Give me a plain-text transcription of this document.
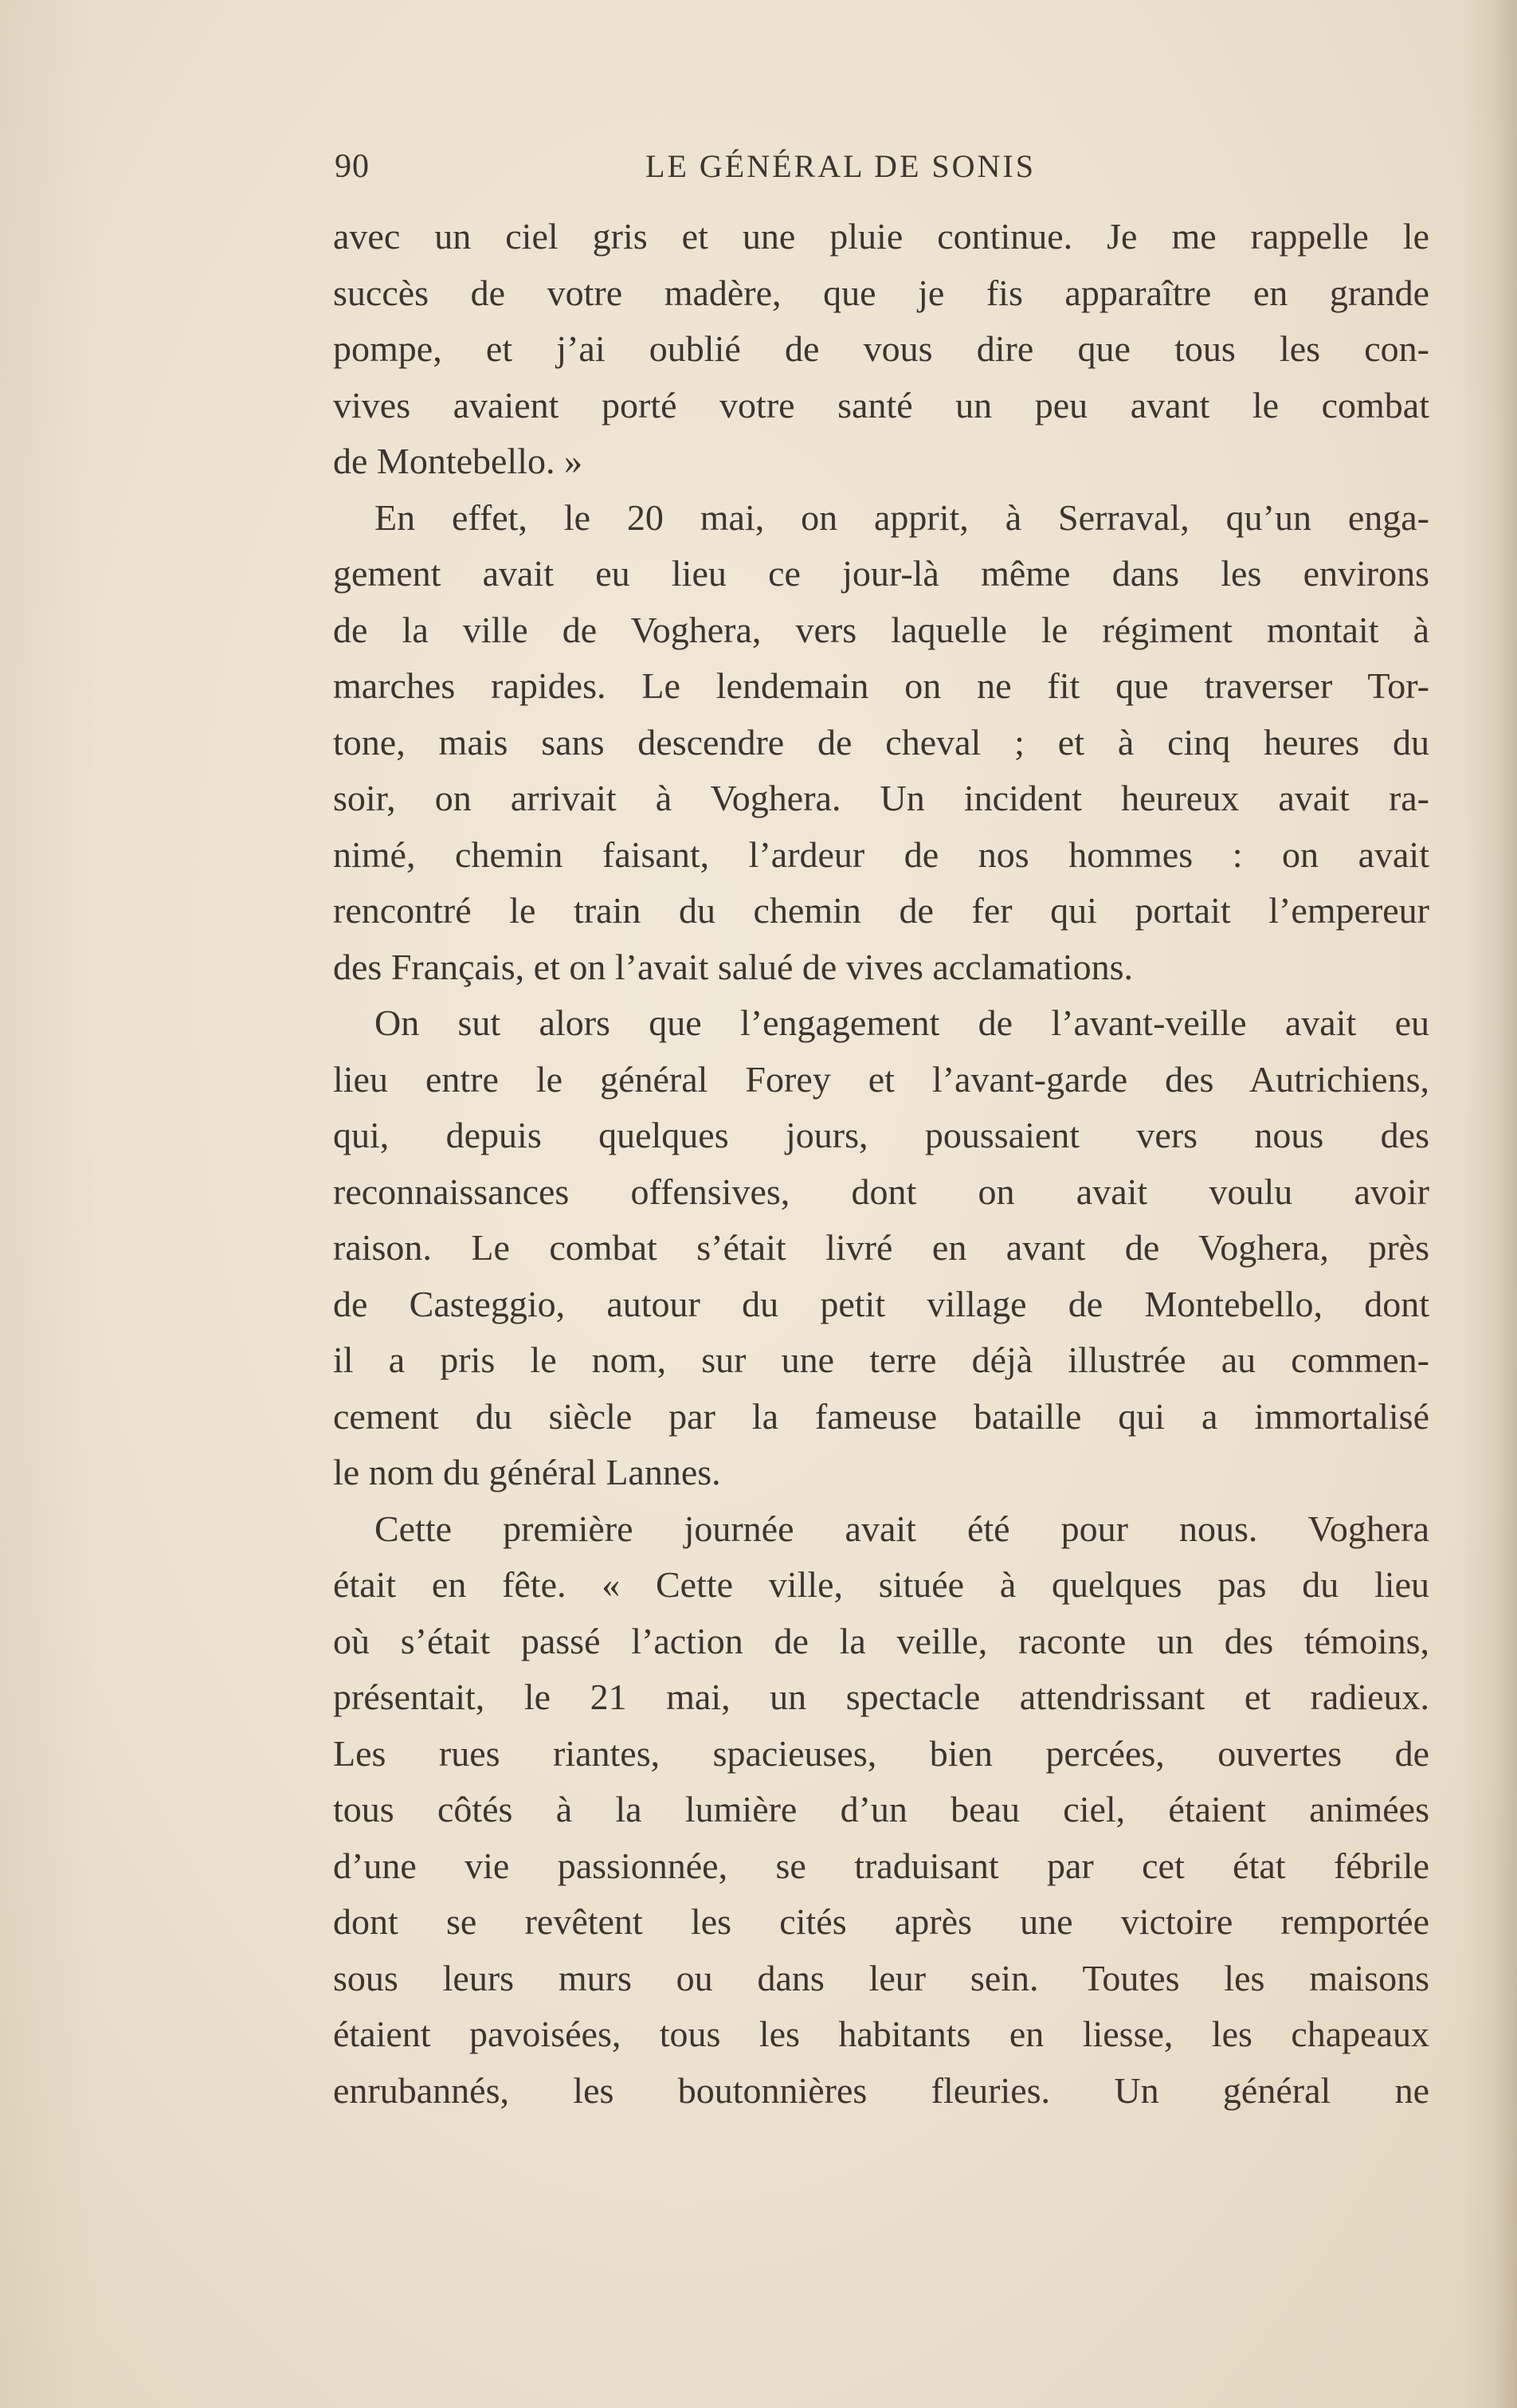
90	LE GÉNÉRAL DE SONIS
avec un ciel gris et une pluie continue. Je me rappelle le
succès de votre madère, que je fis apparaître en grande
pompe, et j’ai oublié de vous dire que tous les con-
vives avaient porté votre santé un peu avant le combat
de Montebello. »
En effet, le 20 mai, on apprit, à Serraval, qu’un enga-
gement avait eu lieu ce jour-là même dans les environs
de la ville de Voghera, vers laquelle le régiment montait à
marches rapides. Le lendemain on ne fit que traverser Tor-
tone, mais sans descendre de cheval ; et à cinq heures du
soir, on arrivait à Voghera. Un incident heureux avait ra-
nimé, chemin faisant, l’ardeur de nos hommes : on avait
rencontré le train du chemin de fer qui portait l’empereur
des Français, et on l’avait salué de vives acclamations.
On sut alors que l’engagement de l’avant-veille avait eu
lieu entre le général Forey et l’avant-garde des Autrichiens,
qui, depuis quelques jours, poussaient vers nous des
reconnaissances offensives, dont on avait voulu avoir
raison. Le combat s’était livré en avant de Voghera, près
de Casteggio, autour du petit village de Montebello, dont
il a pris le nom, sur une terre déjà illustrée au commen-
cement du siècle par la fameuse bataille qui a immortalisé
le nom du général Lannes.
Cette première journée avait été pour nous. Voghera
était en fête. « Cette ville, située à quelques pas du lieu
où s’était passé l’action de la veille, raconte un des témoins,
présentait, le 21 mai, un spectacle attendrissant et radieux.
Les rues riantes, spacieuses, bien percées, ouvertes de
tous côtés à la lumière d’un beau ciel, étaient animées
d’une vie passionnée, se traduisant par cet état fébrile
dont se revêtent les cités après une victoire remportée
sous leurs murs ou dans leur sein. Toutes les maisons
étaient pavoisées, tous les habitants en liesse, les chapeaux
enrubannés, les boutonnières fleuries. Un général ne
